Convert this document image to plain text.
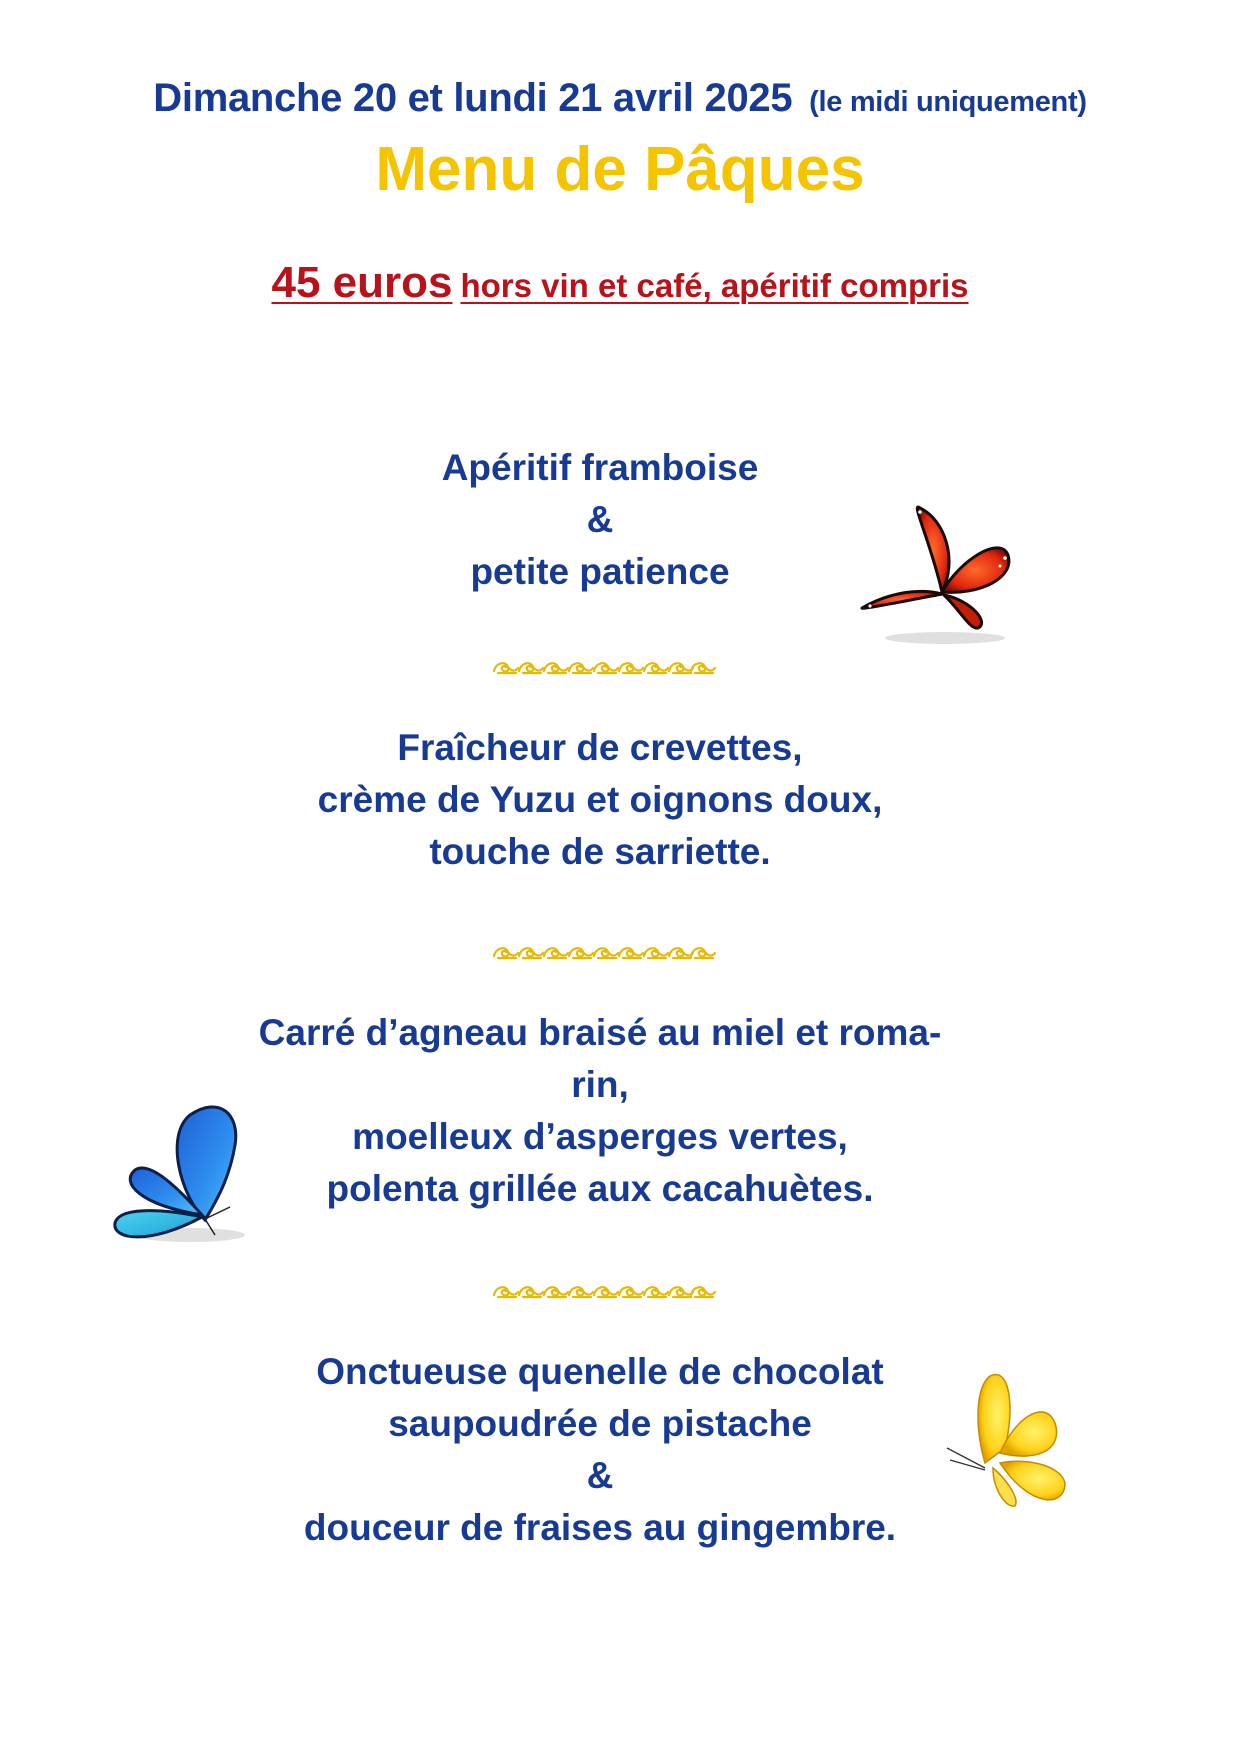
Dimanche 20 et lundi 21 avril 2025 (le midi uniquement)
Menu de Pâques
45 euros hors vin et café, apéritif compris
Apéritif framboise
&
petite patience
Fraîcheur de crevettes,
crème de Yuzu et oignons doux,
touche de sarriette.
Carré d’agneau braisé au miel et roma-
rin,
moelleux d’asperges vertes,
polenta grillée aux cacahuètes.
Onctueuse quenelle de chocolat
saupoudrée de pistache
&
douceur de fraises au gingembre.
